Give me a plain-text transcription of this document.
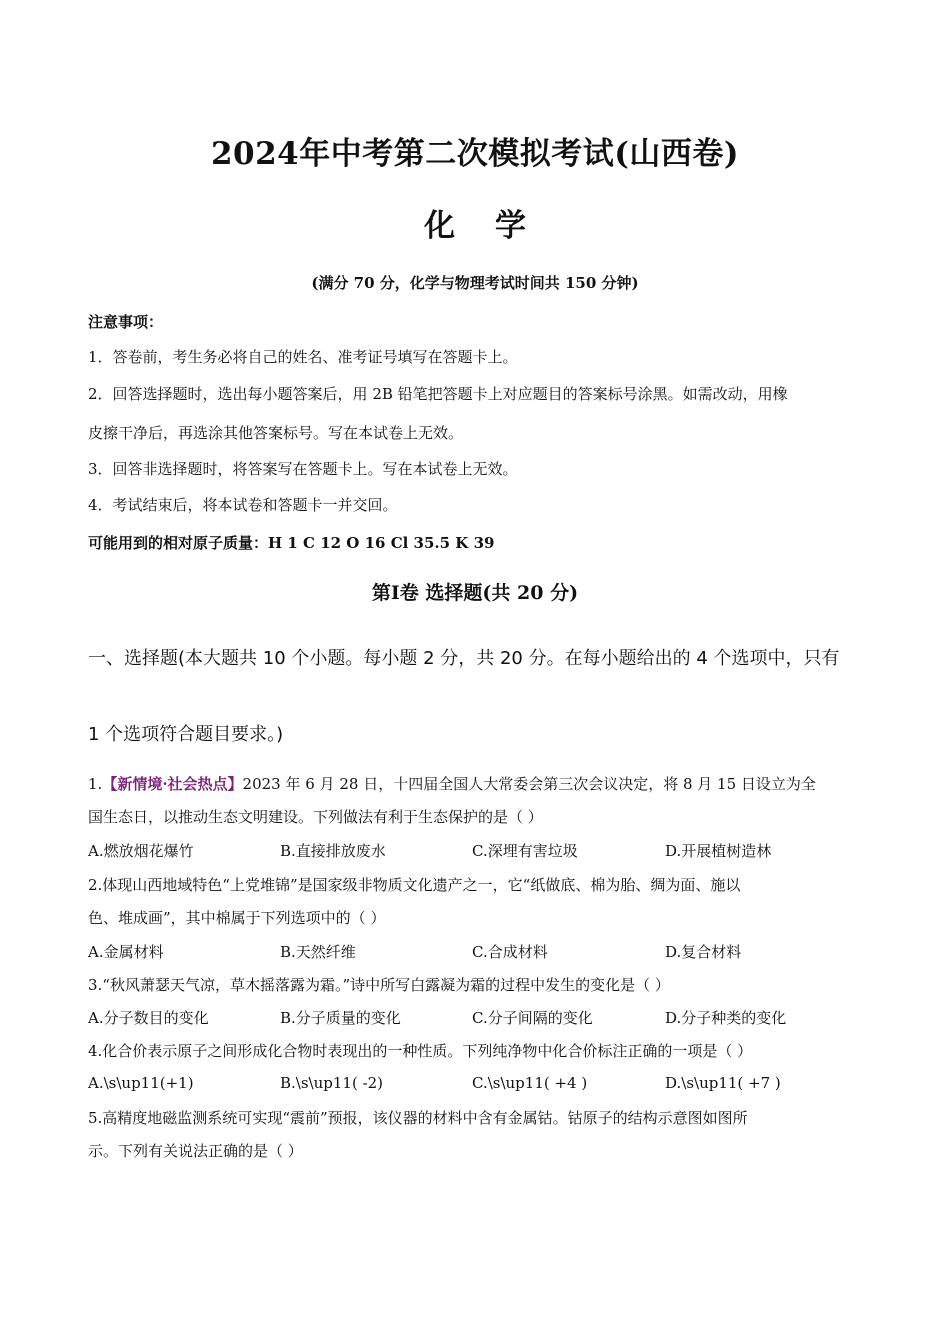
2024年中考第二次模拟考试(山西卷)
化学
(满分 70 分，化学与物理考试时间共 150 分钟)
注意事项：
1．答卷前，考生务必将自己的姓名、准考证号填写在答题卡上。
2．回答选择题时，选出每小题答案后，用 2B 铅笔把答题卡上对应题目的答案标号涂黑。如需改动，用橡
皮擦干净后，再选涂其他答案标号。写在本试卷上无效。
3．回答非选择题时，将答案写在答题卡上。写在本试卷上无效。
4．考试结束后，将本试卷和答题卡一并交回。
可能用到的相对原子质量：H 1 C 12 O 16 Cl 35.5 K 39
第Ⅰ卷 选择题(共 20 分)
一、选择题(本大题共 10 个小题。每小题 2 分，共 20 分。在每小题给出的 4 个选项中，只有
1 个选项符合题目要求。)
1.【新情境·社会热点】2023 年 6 月 28 日，十四届全国人大常委会第三次会议决定，将 8 月 15 日设立为全
国生态日，以推动生态文明建设。下列做法有利于生态保护的是（ ）
A.燃放烟花爆竹	B.直接排放废水	C.深埋有害垃圾	D.开展植树造林
2.体现山西地域特色“上党堆锦”是国家级非物质文化遗产之一，它“纸做底、棉为胎、绸为面、施以
色、堆成画”，其中棉属于下列选项中的（ ）
A.金属材料	B.天然纤维	C.合成材料	D.复合材料
3.“秋风萧瑟天气凉，草木摇落露为霜。”诗中所写白露凝为霜的过程中发生的变化是（ ）
A.分子数目的变化	B.分子质量的变化	C.分子间隔的变化	D.分子种类的变化
4.化合价表示原子之间形成化合物时表现出的一种性质。下列纯净物中化合价标注正确的一项是（ ）
A.\s\up11(+1)	B.\s\up11( -2)	C.\s\up11( +4 )	D.\s\up11( +7 )
5.高精度地磁监测系统可实现“震前”预报，该仪器的材料中含有金属钴。钴原子的结构示意图如图所
示。下列有关说法正确的是（ ）
